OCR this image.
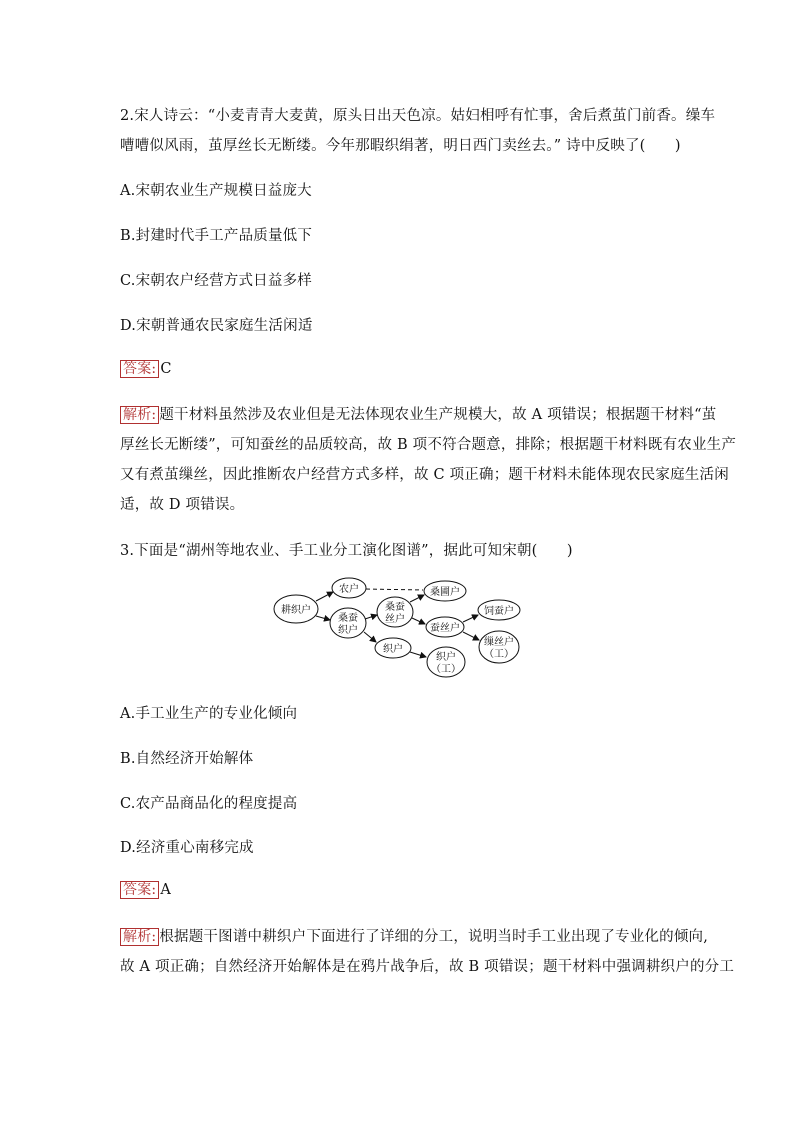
2.宋人诗云：“小麦青青大麦黄，原头日出天色凉。姑妇相呼有忙事，舍后煮茧门前香。缲车
嘈嘈似风雨，茧厚丝长无断缕。今年那暇织绢著，明日西门卖丝去。” 诗中反映了(　　)
A.宋朝农业生产规模日益庞大
B.封建时代手工产品质量低下
C.宋朝农户经营方式日益多样
D.宋朝普通农民家庭生活闲适
答案: C
解析: 题干材料虽然涉及农业但是无法体现农业生产规模大，故 A 项错误；根据题干材料“茧
厚丝长无断缕”，可知蚕丝的品质较高，故 B 项不符合题意，排除；根据题干材料既有农业生产
又有煮茧缫丝，因此推断农户经营方式多样，故 C 项正确；题干材料未能体现农民家庭生活闲
适，故 D 项错误。
3.下面是“湖州等地农业、手工业分工演化图谱”，据此可知宋朝(　　)
耕织户
农户
桑蚕
织户
桑蚕
丝户
桑圃户
蚕丝户
饲蚕户
缫丝户
（工）
织户
织户
（工）
A.手工业生产的专业化倾向
B.自然经济开始解体
C.农产品商品化的程度提高
D.经济重心南移完成
答案: A
解析: 根据题干图谱中耕织户下面进行了详细的分工，说明当时手工业出现了专业化的倾向,
故 A 项正确；自然经济开始解体是在鸦片战争后，故 B 项错误；题干材料中强调耕织户的分工
